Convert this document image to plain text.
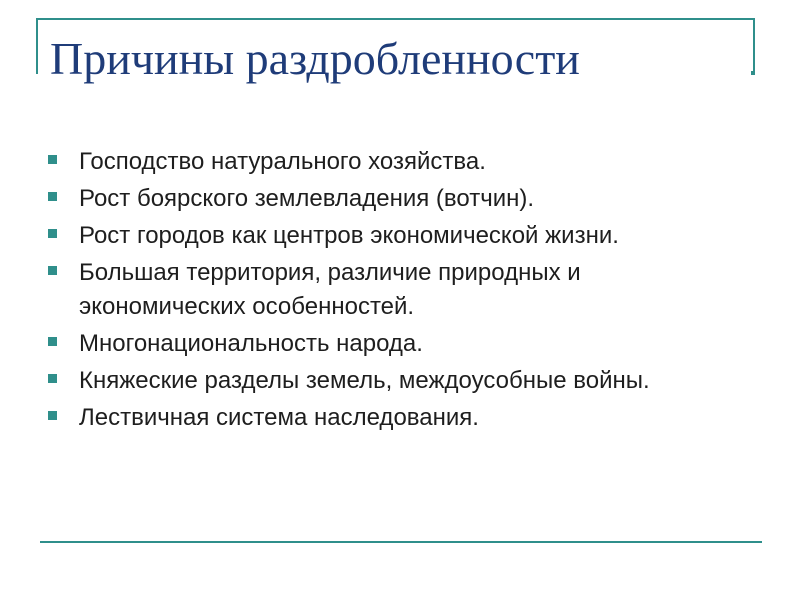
Причины раздробленности
Господство натурального хозяйства.
Рост боярского землевладения (вотчин).
Рост городов как центров экономической жизни.
Большая территория, различие природных и экономических особенностей.
Многонациональность народа.
Княжеские разделы земель, междоусобные войны.
Лествичная система наследования.
